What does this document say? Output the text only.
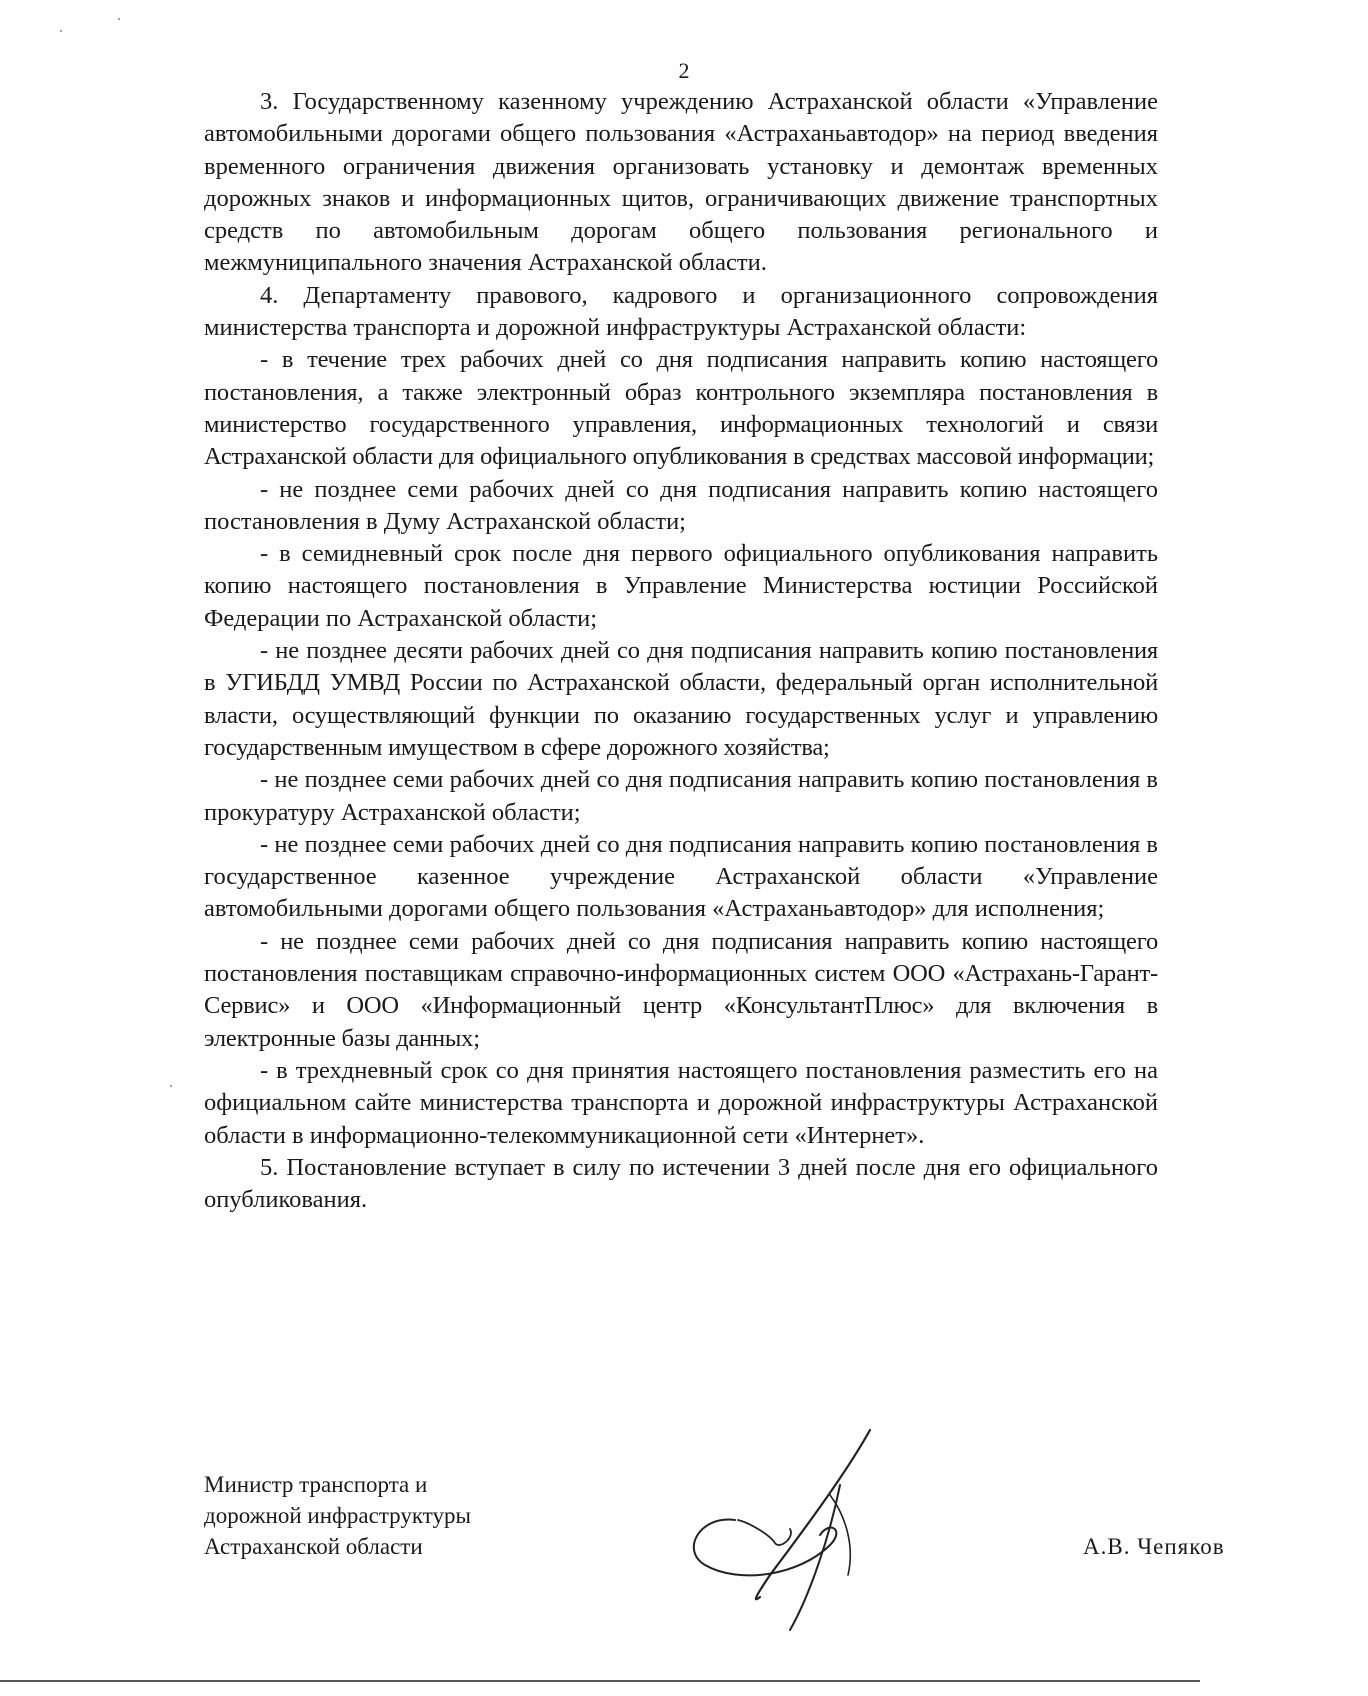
2

3. Государственному казенному учреждению Астраханской области «Управление автомобильными дорогами общего пользования «Астраханьавтодор» на период введения временного ограничения движения организовать установку и демонтаж временных дорожных знаков и информационных щитов, ограничивающих движение транспортных средств по автомобильным дорогам общего пользования регионального и межмуниципального значения Астраханской области.

4. Департаменту правового, кадрового и организационного сопровождения министерства транспорта и дорожной инфраструктуры Астраханской области:

- в течение трех рабочих дней со дня подписания направить копию настоящего постановления, а также электронный образ контрольного экземпляра постановления в министерство государственного управления, информационных технологий и связи Астраханской области для официального опубликования в средствах массовой информации;

- не позднее семи рабочих дней со дня подписания направить копию настоящего постановления в Думу Астраханской области;

- в семидневный срок после дня первого официального опубликования направить копию настоящего постановления в Управление Министерства юстиции Российской Федерации по Астраханской области;

- не позднее десяти рабочих дней со дня подписания направить копию постановления в УГИБДД УМВД России по Астраханской области, федеральный орган исполнительной власти, осуществляющий функции по оказанию государственных услуг и управлению государственным имуществом в сфере дорожного хозяйства;

- не позднее семи рабочих дней со дня подписания направить копию постановления в прокуратуру Астраханской области;

- не позднее семи рабочих дней со дня подписания направить копию постановления в государственное казенное учреждение Астраханской области «Управление автомобильными дорогами общего пользования «Астраханьавтодор» для исполнения;

- не позднее семи рабочих дней со дня подписания направить копию настоящего постановления поставщикам справочно-информационных систем ООО «Астрахань-Гарант-Сервис» и ООО «Информационный центр «КонсультантПлюс» для включения в электронные базы данных;

- в трехдневный срок со дня принятия настоящего постановления разместить его на официальном сайте министерства транспорта и дорожной инфраструктуры Астраханской области в информационно-телекоммуникационной сети «Интернет».

5. Постановление вступает в силу по истечении 3 дней после дня его официального опубликования.

Министр транспорта и
дорожной инфраструктуры
Астраханской области	А.В. Чепяков
